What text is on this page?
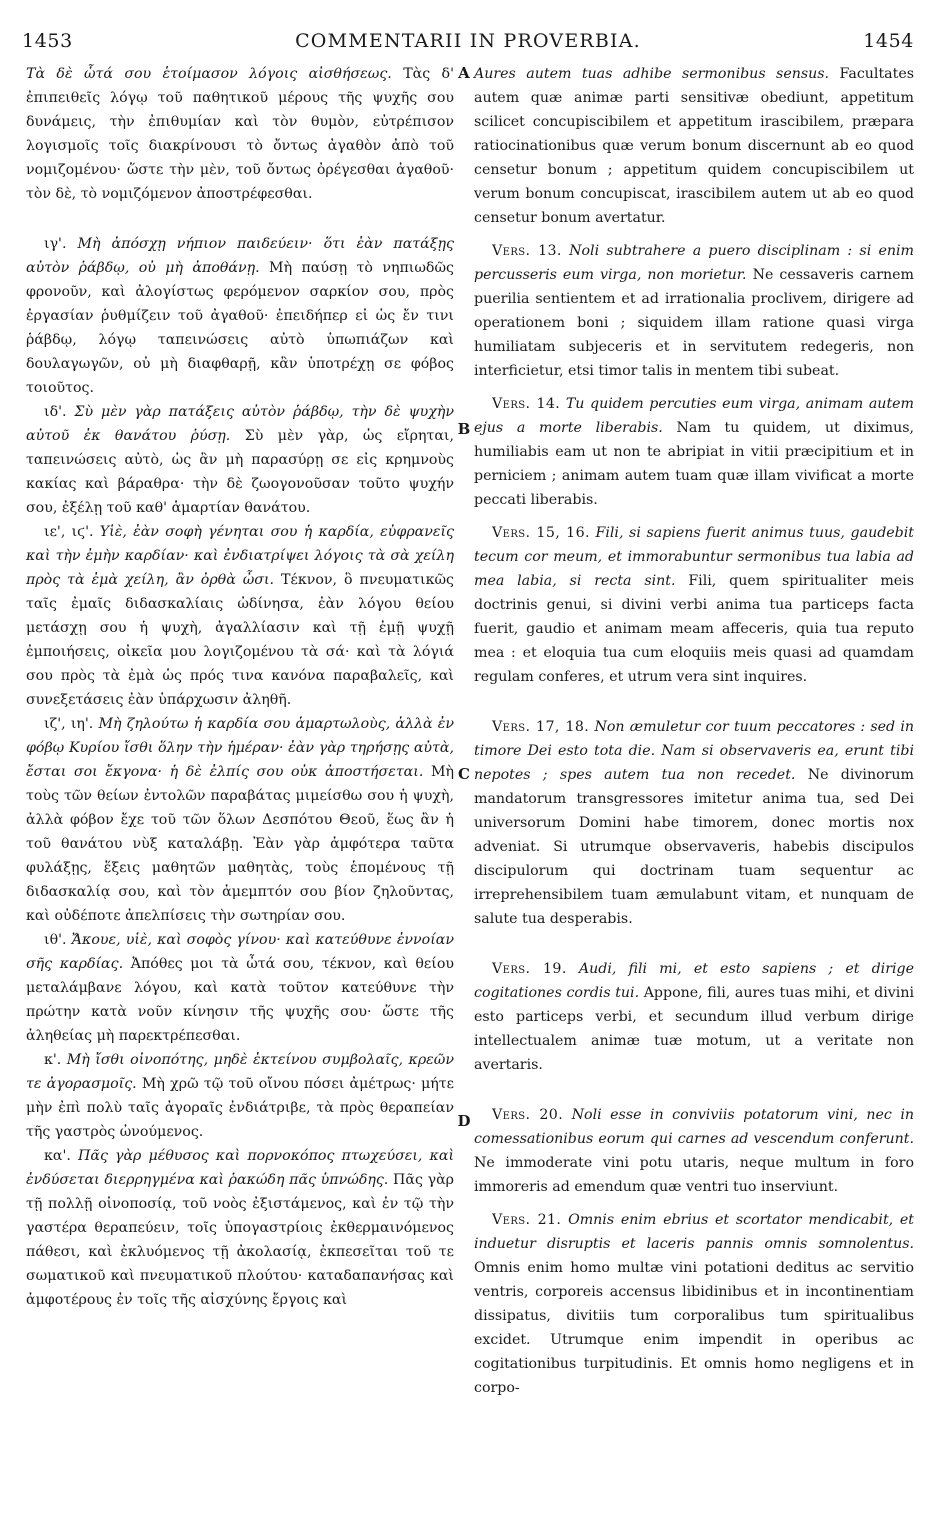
1453	COMMENTARII IN PROVERBIA.	1454
A
B
C
D

Τὰ δὲ ὦτά σου ἑτοίμασον λόγοις αἰσθήσεως. Τὰς δ' ἐπιπειθεῖς λόγῳ τοῦ παθητικοῦ μέρους τῆς ψυχῆς σου δυνάμεις, τὴν ἐπιθυμίαν καὶ τὸν θυμὸν, εὐτρέπισον λογισμοῖς τοῖς διακρίνουσι τὸ ὄντως ἀγαθὸν ἀπὸ τοῦ νομιζομένου· ὥστε τὴν μὲν, τοῦ ὄντως ὀρέγεσθαι ἀγαθοῦ· τὸν δὲ, τὸ νομιζόμενον ἀποστρέφεσθαι.

ιγ'. Μὴ ἀπόσχῃ νήπιον παιδεύειν· ὅτι ἐὰν πατάξῃς αὐτὸν ῥάβδῳ, οὐ μὴ ἀποθάνῃ. Μὴ παύσῃ τὸ νηπιωδῶς φρονοῦν, καὶ ἀλογίστως φερόμενον σαρκίον σου, πρὸς ἐργασίαν ῥυθμίζειν τοῦ ἀγαθοῦ· ἐπειδήπερ εἰ ὡς ἔν τινι ῥάβδῳ, λόγῳ ταπεινώσεις αὐτὸ ὑπωπιάζων καὶ δουλαγωγῶν, οὐ μὴ διαφθαρῇ, κἂν ὑποτρέχῃ σε φόβος τοιοῦτος.

ιδ'. Σὺ μὲν γὰρ πατάξεις αὐτὸν ῥάβδῳ, τὴν δὲ ψυχὴν αὐτοῦ ἐκ θανάτου ῥύσῃ. Σὺ μὲν γὰρ, ὡς εἴρηται, ταπεινώσεις αὐτὸ, ὡς ἂν μὴ παρασύρῃ σε εἰς κρημνοὺς κακίας καὶ βάραθρα· τὴν δὲ ζωογονοῦσαν τοῦτο ψυχήν σου, ἐξέλῃ τοῦ καθ' ἁμαρτίαν θανάτου.

ιε', ιϛ'. Υἱὲ, ἐὰν σοφὴ γένηται σου ἡ καρδία, εὐφρανεῖς καὶ τὴν ἐμὴν καρδίαν· καὶ ἐνδιατρίψει λόγοις τὰ σὰ χείλη πρὸς τὰ ἐμὰ χείλη, ἂν ὀρθὰ ὦσι. Τέκνον, ὃ πνευματικῶς ταῖς ἐμαῖς διδασκαλίαις ὠδίνησα, ἐὰν λόγου θείου μετάσχῃ σου ἡ ψυχὴ, ἀγαλλίασιν καὶ τῇ ἐμῇ ψυχῇ ἐμποιήσεις, οἰκεῖα μου λογιζομένου τὰ σά· καὶ τὰ λόγιά σου πρὸς τὰ ἐμὰ ὡς πρός τινα κανόνα παραβαλεῖς, καὶ συνεξετάσεις ἐὰν ὑπάρχωσιν ἀληθῆ.

ιζ', ιη'. Μὴ ζηλούτω ἡ καρδία σου ἁμαρτωλοὺς, ἀλλὰ ἐν φόβῳ Κυρίου ἴσθι ὅλην τὴν ἡμέραν· ἐὰν γὰρ τηρήσῃς αὐτὰ, ἔσται σοι ἔκγονα· ἡ δὲ ἐλπίς σου οὐκ ἀποστήσεται. Μὴ τοὺς τῶν θείων ἐντολῶν παραβάτας μιμείσθω σου ἡ ψυχὴ, ἀλλὰ φόβον ἔχε τοῦ τῶν ὅλων Δεσπότου Θεοῦ, ἕως ἂν ἡ τοῦ θανάτου νὺξ καταλάβῃ. Ἐὰν γὰρ ἀμφότερα ταῦτα φυλάξῃς, ἕξεις μαθητῶν μαθητὰς, τοὺς ἑπομένους τῇ διδασκαλίᾳ σου, καὶ τὸν ἀμεμπτόν σου βίον ζηλοῦντας, καὶ οὐδέποτε ἀπελπίσεις τὴν σωτηρίαν σου.

ιθ'. Ἄκουε, υἱὲ, καὶ σοφὸς γίνου· καὶ κατεύθυνε ἐννοίαν σῆς καρδίας. Ἀπόθες μοι τὰ ὦτά σου, τέκνον, καὶ θείου μεταλάμβανε λόγου, καὶ κατὰ τοῦτον κατεύθυνε τὴν πρώτην κατὰ νοῦν κίνησιν τῆς ψυχῆς σου· ὥστε τῆς ἀληθείας μὴ παρεκτρέπεσθαι.

κ'. Μὴ ἴσθι οἰνοπότης, μηδὲ ἐκτείνου συμβολαῖς, κρεῶν τε ἀγορασμοῖς. Μὴ χρῶ τῷ τοῦ οἴνου πόσει ἀμέτρως· μήτε μὴν ἐπὶ πολὺ ταῖς ἀγοραῖς ἐνδιάτριβε, τὰ πρὸς θεραπείαν τῆς γαστρὸς ὠνούμενος.

κα'. Πᾶς γὰρ μέθυσος καὶ πορνοκόπος πτωχεύσει, καὶ ἐνδύσεται διερρηγμένα καὶ ῥακώδη πᾶς ὑπνώδης. Πᾶς γὰρ τῇ πολλῇ οἰνοποσίᾳ, τοῦ νοὸς ἐξιστάμενος, καὶ ἐν τῷ τὴν γαστέρα θεραπεύειν, τοῖς ὑπογαστρίοις ἐκθερμαινόμενος πάθεσι, καὶ ἐκλυόμενος τῇ ἀκολασίᾳ, ἐκπεσεῖται τοῦ τε σωματικοῦ καὶ πνευματικοῦ πλούτου· καταδαπανήσας καὶ ἀμφοτέρους ἐν τοῖς τῆς αἰσχύνης ἔργοις καὶ

Aures autem tuas adhibe sermonibus sensus. Facultates autem quæ animæ parti sensitivæ obediunt, appetitum scilicet concupiscibilem et appetitum irascibilem, præpara ratiocinationibus quæ verum bonum discernunt ab eo quod censetur bonum ; appetitum quidem concupiscibilem ut verum bonum concupiscat, irascibilem autem ut ab eo quod censetur bonum avertatur.

Vers. 13. Noli subtrahere a puero disciplinam : si enim percusseris eum virga, non morietur. Ne cessaveris carnem puerilia sentientem et ad irrationalia proclivem, dirigere ad operationem boni ; siquidem illam ratione quasi virga humiliatam subjeceris et in servitutem redegeris, non interficietur, etsi timor talis in mentem tibi subeat.

Vers. 14. Tu quidem percuties eum virga, animam autem ejus a morte liberabis. Nam tu quidem, ut diximus, humiliabis eam ut non te abripiat in vitii præcipitium et in perniciem ; animam autem tuam quæ illam vivificat a morte peccati liberabis.

Vers. 15, 16. Fili, si sapiens fuerit animus tuus, gaudebit tecum cor meum, et immorabuntur sermonibus tua labia ad mea labia, si recta sint. Fili, quem spiritualiter meis doctrinis genui, si divini verbi anima tua particeps facta fuerit, gaudio et animam meam affeceris, quia tua reputo mea : et eloquia tua cum eloquiis meis quasi ad quamdam regulam conferes, et utrum vera sint inquires.

Vers. 17, 18. Non æmuletur cor tuum peccatores : sed in timore Dei esto tota die. Nam si observaveris ea, erunt tibi nepotes ; spes autem tua non recedet. Ne divinorum mandatorum transgressores imitetur anima tua, sed Dei universorum Domini habe timorem, donec mortis nox adveniat. Si utrumque observaveris, habebis discipulos discipulorum qui doctrinam tuam sequentur ac irreprehensibilem tuam æmulabunt vitam, et nunquam de salute tua desperabis.

Vers. 19. Audi, fili mi, et esto sapiens ; et dirige cogitationes cordis tui. Appone, fili, aures tuas mihi, et divini esto particeps verbi, et secundum illud verbum dirige intellectualem animæ tuæ motum, ut a veritate non avertaris.

Vers. 20. Noli esse in conviviis potatorum vini, nec in comessationibus eorum qui carnes ad vescendum conferunt. Ne immoderate vini potu utaris, neque multum in foro immoreris ad emendum quæ ventri tuo inserviunt.

Vers. 21. Omnis enim ebrius et scortator mendicabit, et induetur disruptis et laceris pannis omnis somnolentus. Omnis enim homo multæ vini potationi deditus ac servitio ventris, corporeis accensus libidinibus et in incontinentiam dissipatus, divitiis tum corporalibus tum spiritualibus excidet. Utrumque enim impendit in operibus ac cogitationibus turpitudinis. Et omnis homo negligens et in corpo-
